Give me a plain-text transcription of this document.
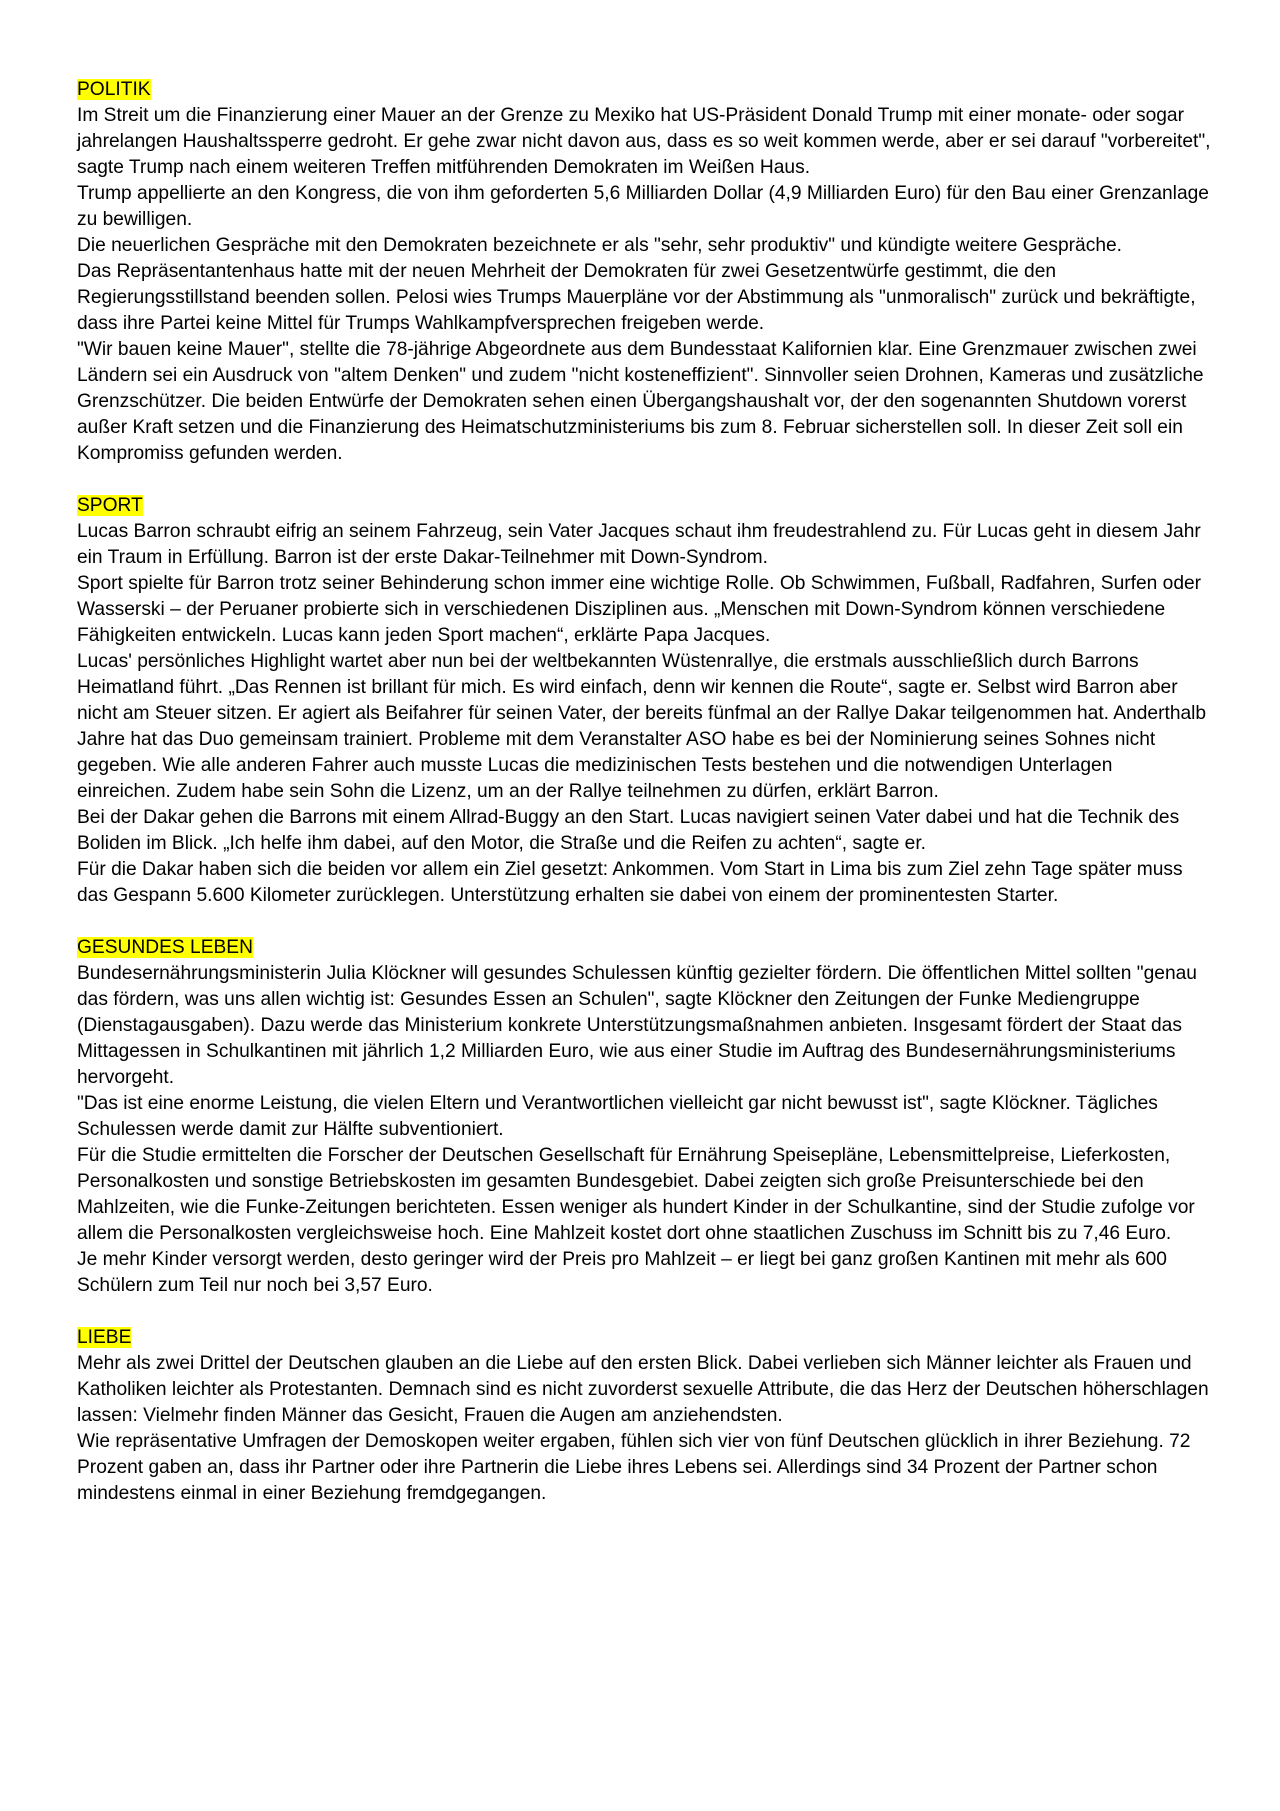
POLITIK

Im Streit um die Finanzierung einer Mauer an der Grenze zu Mexiko hat US-Präsident Donald Trump mit einer monate- oder sogar jahrelangen Haushaltssperre gedroht. Er gehe zwar nicht davon aus, dass es so weit kommen werde, aber er sei darauf "vorbereitet", sagte Trump nach einem weiteren Treffen mitführenden Demokraten im Weißen Haus.

Trump appellierte an den Kongress, die von ihm geforderten 5,6 Milliarden Dollar (4,9 Milliarden Euro) für den Bau einer Grenzanlage zu bewilligen.

Die neuerlichen Gespräche mit den Demokraten bezeichnete er als "sehr, sehr produktiv" und kündigte weitere Gespräche.

Das Repräsentantenhaus hatte mit der neuen Mehrheit der Demokraten für zwei Gesetzentwürfe gestimmt, die den Regierungsstillstand beenden sollen. Pelosi wies Trumps Mauerpläne vor der Abstimmung als "unmoralisch" zurück und bekräftigte, dass ihre Partei keine Mittel für Trumps Wahlkampfversprechen freigeben werde.

"Wir bauen keine Mauer", stellte die 78-jährige Abgeordnete aus dem Bundesstaat Kalifornien klar. Eine Grenzmauer zwischen zwei Ländern sei ein Ausdruck von "altem Denken" und zudem "nicht kosteneffizient". Sinnvoller seien Drohnen, Kameras und zusätzliche Grenzschützer. Die beiden Entwürfe der Demokraten sehen einen Übergangshaushalt vor, der den sogenannten Shutdown vorerst außer Kraft setzen und die Finanzierung des Heimatschutzministeriums bis zum 8. Februar sicherstellen soll. In dieser Zeit soll ein Kompromiss gefunden werden.

SPORT

Lucas Barron schraubt eifrig an seinem Fahrzeug, sein Vater Jacques schaut ihm freudestrahlend zu. Für Lucas geht in diesem Jahr ein Traum in Erfüllung. Barron ist der erste Dakar-Teilnehmer mit Down-Syndrom.

Sport spielte für Barron trotz seiner Behinderung schon immer eine wichtige Rolle. Ob Schwimmen, Fußball, Radfahren, Surfen oder Wasserski – der Peruaner probierte sich in verschiedenen Disziplinen aus. „Menschen mit Down-Syndrom können verschiedene Fähigkeiten entwickeln. Lucas kann jeden Sport machen“, erklärte Papa Jacques.

Lucas' persönliches Highlight wartet aber nun bei der weltbekannten Wüstenrallye, die erstmals ausschließlich durch Barrons Heimatland führt. „Das Rennen ist brillant für mich. Es wird einfach, denn wir kennen die Route“, sagte er. Selbst wird Barron aber nicht am Steuer sitzen. Er agiert als Beifahrer für seinen Vater, der bereits fünfmal an der Rallye Dakar teilgenommen hat. Anderthalb Jahre hat das Duo gemeinsam trainiert. Probleme mit dem Veranstalter ASO habe es bei der Nominierung seines Sohnes nicht gegeben. Wie alle anderen Fahrer auch musste Lucas die medizinischen Tests bestehen und die notwendigen Unterlagen einreichen. Zudem habe sein Sohn die Lizenz, um an der Rallye teilnehmen zu dürfen, erklärt Barron.

Bei der Dakar gehen die Barrons mit einem Allrad-Buggy an den Start. Lucas navigiert seinen Vater dabei und hat die Technik des Boliden im Blick. „Ich helfe ihm dabei, auf den Motor, die Straße und die Reifen zu achten“, sagte er.

Für die Dakar haben sich die beiden vor allem ein Ziel gesetzt: Ankommen. Vom Start in Lima bis zum Ziel zehn Tage später muss das Gespann 5.600 Kilometer zurücklegen. Unterstützung erhalten sie dabei von einem der prominentesten Starter.

GESUNDES LEBEN

Bundesernährungsministerin Julia Klöckner will gesundes Schulessen künftig gezielter fördern. Die öffentlichen Mittel sollten "genau das fördern, was uns allen wichtig ist: Gesundes Essen an Schulen", sagte Klöckner den Zeitungen der Funke Mediengruppe (Dienstagausgaben). Dazu werde das Ministerium konkrete Unterstützungsmaßnahmen anbieten. Insgesamt fördert der Staat das Mittagessen in Schulkantinen mit jährlich 1,2 Milliarden Euro, wie aus einer Studie im Auftrag des Bundesernährungsministeriums hervorgeht.

"Das ist eine enorme Leistung, die vielen Eltern und Verantwortlichen vielleicht gar nicht bewusst ist", sagte Klöckner. Tägliches Schulessen werde damit zur Hälfte subventioniert.

Für die Studie ermittelten die Forscher der Deutschen Gesellschaft für Ernährung Speisepläne, Lebensmittelpreise, Lieferkosten, Personalkosten und sonstige Betriebskosten im gesamten Bundesgebiet. Dabei zeigten sich große Preisunterschiede bei den Mahlzeiten, wie die Funke-Zeitungen berichteten. Essen weniger als hundert Kinder in der Schulkantine, sind der Studie zufolge vor allem die Personalkosten vergleichsweise hoch. Eine Mahlzeit kostet dort ohne staatlichen Zuschuss im Schnitt bis zu 7,46 Euro.

Je mehr Kinder versorgt werden, desto geringer wird der Preis pro Mahlzeit – er liegt bei ganz großen Kantinen mit mehr als 600 Schülern zum Teil nur noch bei 3,57 Euro.

LIEBE

Mehr als zwei Drittel der Deutschen glauben an die Liebe auf den ersten Blick. Dabei verlieben sich Männer leichter als Frauen und Katholiken leichter als Protestanten. Demnach sind es nicht zuvorderst sexuelle Attribute, die das Herz der Deutschen höherschlagen lassen: Vielmehr finden Männer das Gesicht, Frauen die Augen am anziehendsten.

Wie repräsentative Umfragen der Demoskopen weiter ergaben, fühlen sich vier von fünf Deutschen glücklich in ihrer Beziehung. 72 Prozent gaben an, dass ihr Partner oder ihre Partnerin die Liebe ihres Lebens sei. Allerdings sind 34 Prozent der Partner schon mindestens einmal in einer Beziehung fremdgegangen.
